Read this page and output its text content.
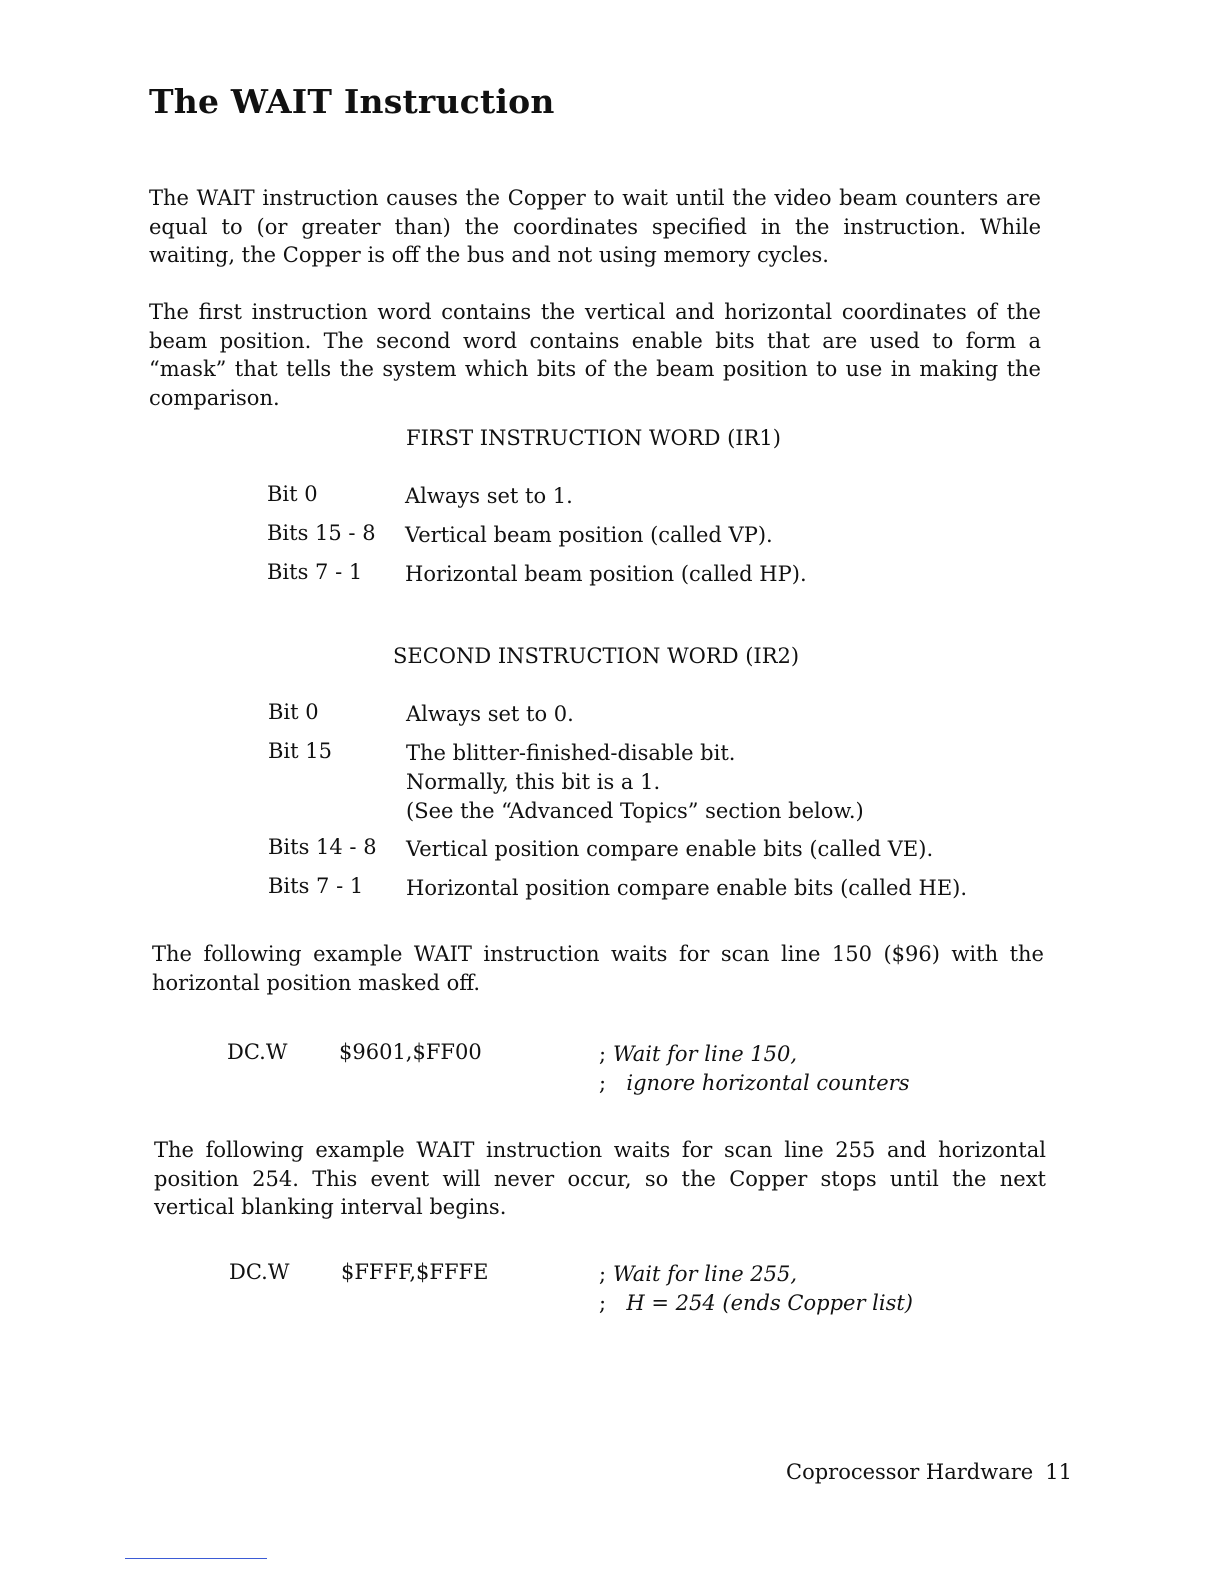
The WAIT Instruction

The WAIT instruction causes the Copper to wait until the video beam counters are equal to (or greater than) the coordinates specified in the instruction. While waiting, the Copper is off the bus and not using memory cycles.

The first instruction word contains the vertical and horizontal coordinates of the beam position. The second word contains enable bits that are used to form a “mask” that tells the system which bits of the beam position to use in making the comparison.

FIRST INSTRUCTION WORD (IR1)
Bit 0	Always set to 1.
Bits 15 - 8 Vertical beam position (called VP).
Bits 7 - 1 Horizontal beam position (called HP).
SECOND INSTRUCTION WORD (IR2)
Bit 0	Always set to 0.
Bit 15	The blitter-finished-disable bit.
Normally, this bit is a 1.
(See the “Advanced Topics” section below.)
Bits 14 - 8 Vertical position compare enable bits (called VE).
Bits 7 - 1 Horizontal position compare enable bits (called HE).

The following example WAIT instruction waits for scan line 150 ($96) with the horizontal position masked off.

DC.W $9601,$FF00	; Wait for line 150,
; ignore horizontal counters

The following example WAIT instruction waits for scan line 255 and horizontal position 254. This event will never occur, so the Copper stops until the next vertical blanking interval begins.

DC.W $FFFF,$FFFE	; Wait for line 255,
; H = 254 (ends Copper list)
Coprocessor Hardware 11
